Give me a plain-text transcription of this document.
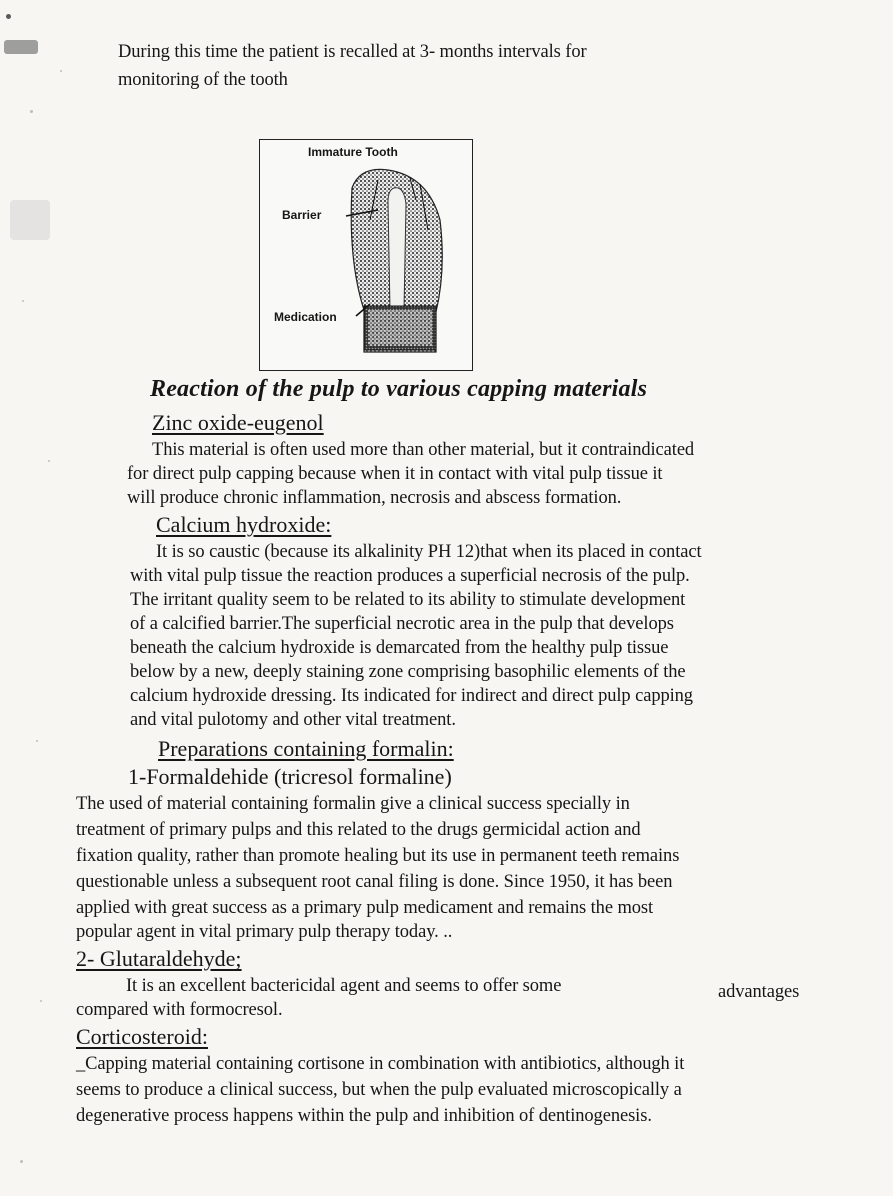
During this time the patient is recalled at 3- months intervals for
monitoring of the tooth
Immature Tooth
Barrier
Medication
Reaction of the pulp to various capping materials
Zinc oxide-eugenol
This material is often used more than other material, but it contraindicated
for direct pulp capping because when it in contact with vital pulp tissue it
will produce chronic inflammation, necrosis and abscess formation.
Calcium hydroxide:
It is so caustic (because its alkalinity PH 12)that when its placed in contact
with vital pulp tissue the reaction produces a superficial necrosis of the pulp.
The irritant quality seem to be related to its ability to stimulate development
of a calcified barrier.The superficial necrotic area in the pulp that develops
beneath the calcium hydroxide is demarcated from the healthy pulp tissue
below by a new, deeply staining zone comprising basophilic elements of the
calcium hydroxide dressing. Its indicated for indirect and direct pulp capping
and vital pulotomy and other vital treatment.
Preparations containing formalin:
1-Formaldehide (tricresol formaline)
The used of material containing formalin give a clinical success specially in
treatment of primary pulps and this related to the drugs germicidal action and
fixation quality, rather than promote healing but its use in permanent teeth remains
questionable unless a subsequent root canal filing is done. Since 1950, it has been
applied with great success as a primary pulp medicament and remains the most
popular agent in vital primary pulp therapy today. ..
2- Glutaraldehyde;
It is an excellent bactericidal agent and seems to offer some	advantages
compared with formocresol.
Corticosteroid:
_Capping material containing cortisone in combination with antibiotics, although it
seems to produce a clinical success, but when the pulp evaluated microscopically a
degenerative process happens within the pulp and inhibition of dentinogenesis.
